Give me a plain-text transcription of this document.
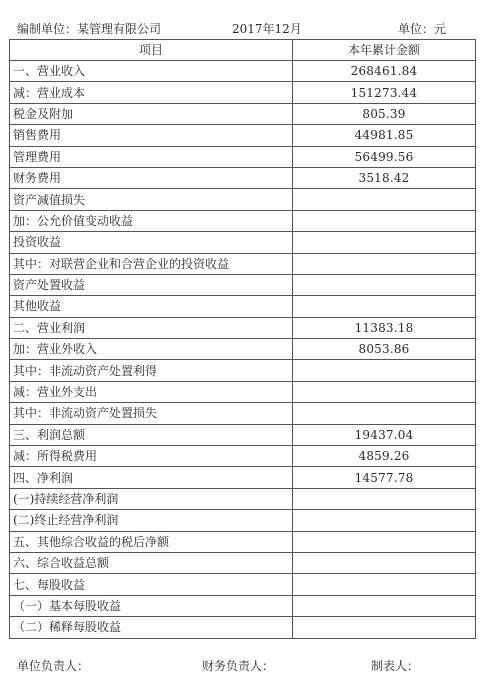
编制单位：某管理有限公司	2017年12月	单位：元
项目	本年累计金额
一、营业收入	268461.84
减：营业成本	151273.44
税金及附加	805.39
销售费用	44981.85
管理费用	56499.56
财务费用	3518.42
资产减值损失	
加：公允价值变动收益	
投资收益	
其中：对联营企业和合营企业的投资收益	
资产处置收益	
其他收益	
二、营业利润	11383.18
加：营业外收入	8053.86
其中：非流动资产处置利得	
减：营业外支出	
其中：非流动资产处置损失	
三、利润总额	19437.04
减：所得税费用	4859.26
四、净利润	14577.78
(一)持续经营净利润	
(二)终止经营净利润	
五、其他综合收益的税后净额	
六、综合收益总额	
七、每股收益	
（一）基本每股收益	
（二）稀释每股收益	
单位负责人：	财务负责人：	制表人：
